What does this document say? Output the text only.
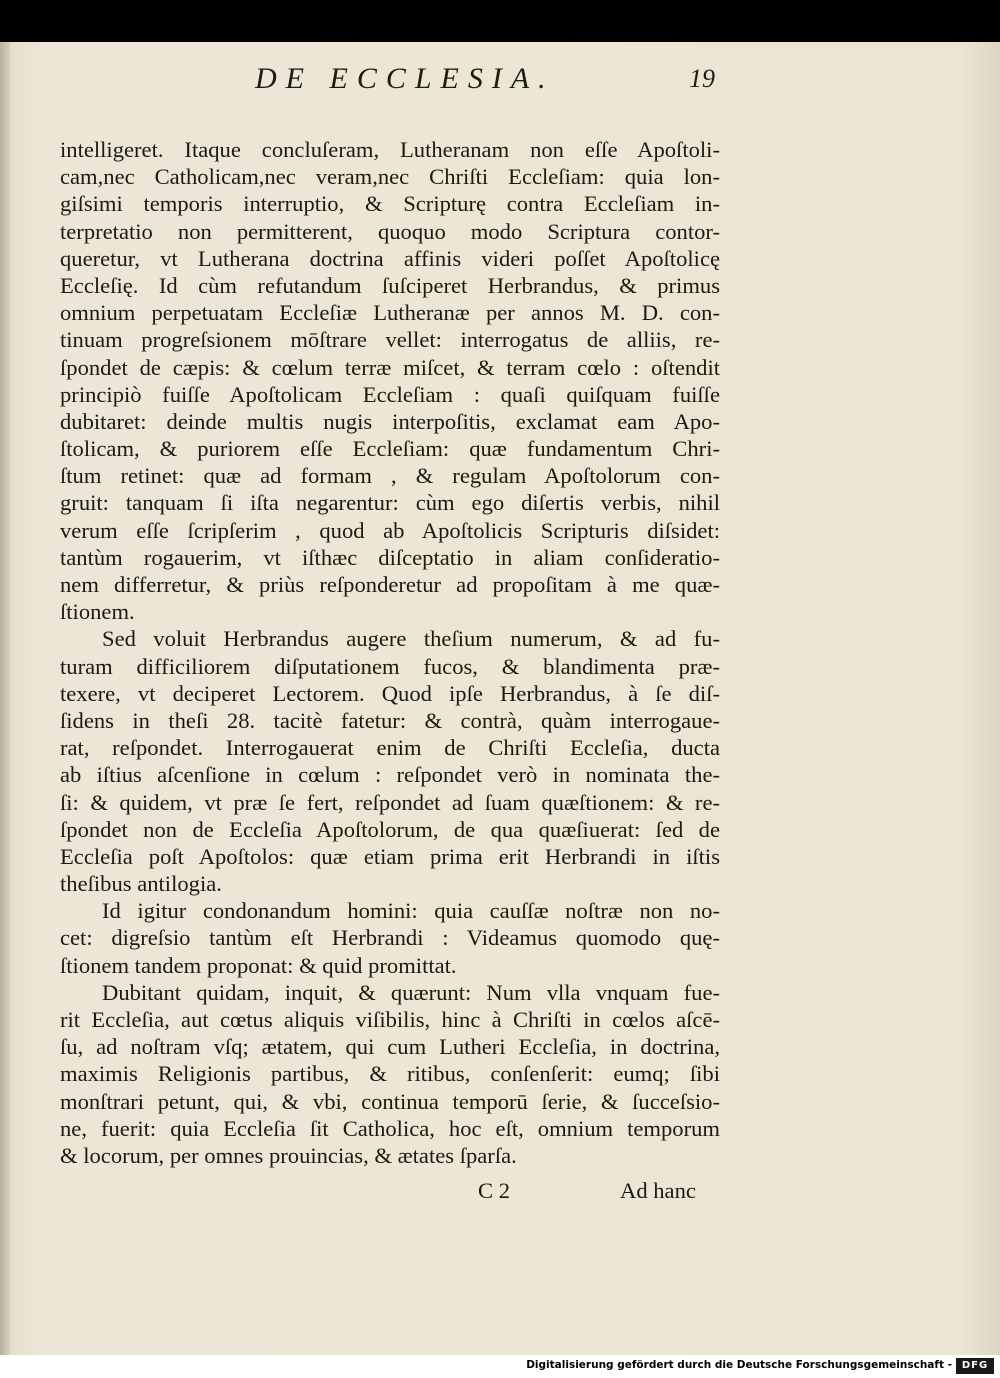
DE ECCLESIA.	19
intelligeret. Itaque concluſeram, Lutheranam non eſſe Apoſtoli-
cam,nec Catholicam,nec veram,nec Chriſti Eccleſiam: quia lon-
giſsimi temporis interruptio, & Scripturę contra Eccleſiam in-
terpretatio non permitterent, quoquo modo Scriptura contor-
queretur, vt Lutherana doctrina affinis videri poſſet Apoſtolicę
Eccleſię. Id cùm refutandum ſuſciperet Herbrandus, & primus
omnium perpetuatam Eccleſiæ Lutheranæ per annos M. D. con-
tinuam progreſsionem mōſtrare vellet: interrogatus de alliis, re-
ſpondet de cæpis: & cœlum terræ miſcet, & terram cœlo : oſtendit
principiò fuiſſe Apoſtolicam Eccleſiam : quaſi quiſquam fuiſſe
dubitaret: deinde multis nugis interpoſitis, exclamat eam Apo-
ſtolicam, & puriorem eſſe Eccleſiam: quæ fundamentum Chri-
ſtum retinet: quæ ad formam , & regulam Apoſtolorum con-
gruit: tanquam ſi iſta negarentur: cùm ego diſertis verbis, nihil
verum eſſe ſcripſerim , quod ab Apoſtolicis Scripturis diſsidet:
tantùm rogauerim, vt iſthæc diſceptatio in aliam conſideratio-
nem differretur, & priùs reſponderetur ad propoſitam à me quæ-
ſtionem.
Sed voluit Herbrandus augere theſium numerum, & ad fu-
turam difficiliorem diſputationem fucos, & blandimenta præ-
texere, vt deciperet Lectorem. Quod ipſe Herbrandus, à ſe diſ-
ſidens in theſi 28. tacitè fatetur: & contrà, quàm interrogaue-
rat, reſpondet. Interrogauerat enim de Chriſti Eccleſia, ducta
ab iſtius aſcenſione in cœlum : reſpondet verò in nominata the-
ſi: & quidem, vt præ ſe fert, reſpondet ad ſuam quæſtionem: & re-
ſpondet non de Eccleſia Apoſtolorum, de qua quæſiuerat: ſed de
Eccleſia poſt Apoſtolos: quæ etiam prima erit Herbrandi in iſtis
theſibus antilogia.
Id igitur condonandum homini: quia cauſſæ noſtræ non no-
cet: digreſsio tantùm eſt Herbrandi : Videamus quomodo quę-
ſtionem tandem proponat: & quid promittat.
Dubitant quidam, inquit, & quærunt: Num vlla vnquam fue-
rit Eccleſia, aut cœtus aliquis viſibilis, hinc à Chriſti in cœlos aſcē-
ſu, ad noſtram vſq; ætatem, qui cum Lutheri Eccleſia, in doctrina,
maximis Religionis partibus, & ritibus, conſenſerit: eumq; ſibi
monſtrari petunt, qui, & vbi, continua temporū ſerie, & ſucceſsio-
ne, fuerit: quia Eccleſia ſit Catholica, hoc eſt, omnium temporum
& locorum, per omnes prouincias, & ætates ſparſa.
C 2	Ad hanc
Digitalisierung gefördert durch die Deutsche Forschungsgemeinschaft - DFG
